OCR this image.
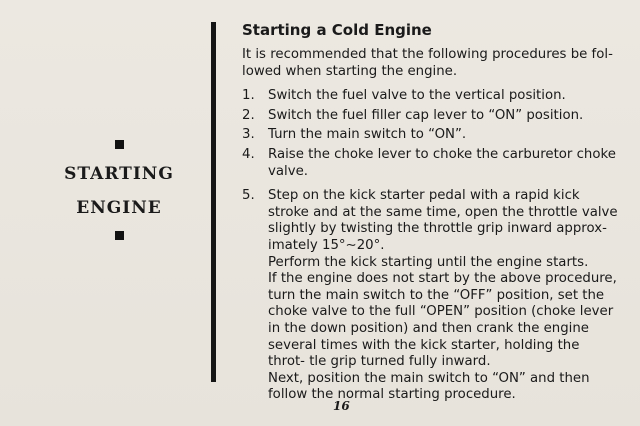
STARTING
ENGINE
Starting a Cold Engine
It is recommended that the following procedures be fol- lowed when starting the engine.
1.	Switch the fuel valve to the vertical position.

2.	Switch the fuel filler cap lever to “ON” position.

3.	Turn the main switch to “ON”.

4.	Raise the choke lever to choke the carburetor choke valve.

5.	Step on the kick starter pedal with a rapid kick stroke and at the same time, open the throttle valve slightly by twisting the throttle grip inward approx- imately 15°∼20°.

Perform the kick starting until the engine starts.

If the engine does not start by the above procedure, turn the main switch to the “OFF” position, set the choke valve to the full “OPEN” position (choke lever in the down position) and then crank the engine several times with the kick starter, holding the throt- tle grip turned fully inward.

Next, position the main switch to “ON” and then follow the normal starting procedure.

16
